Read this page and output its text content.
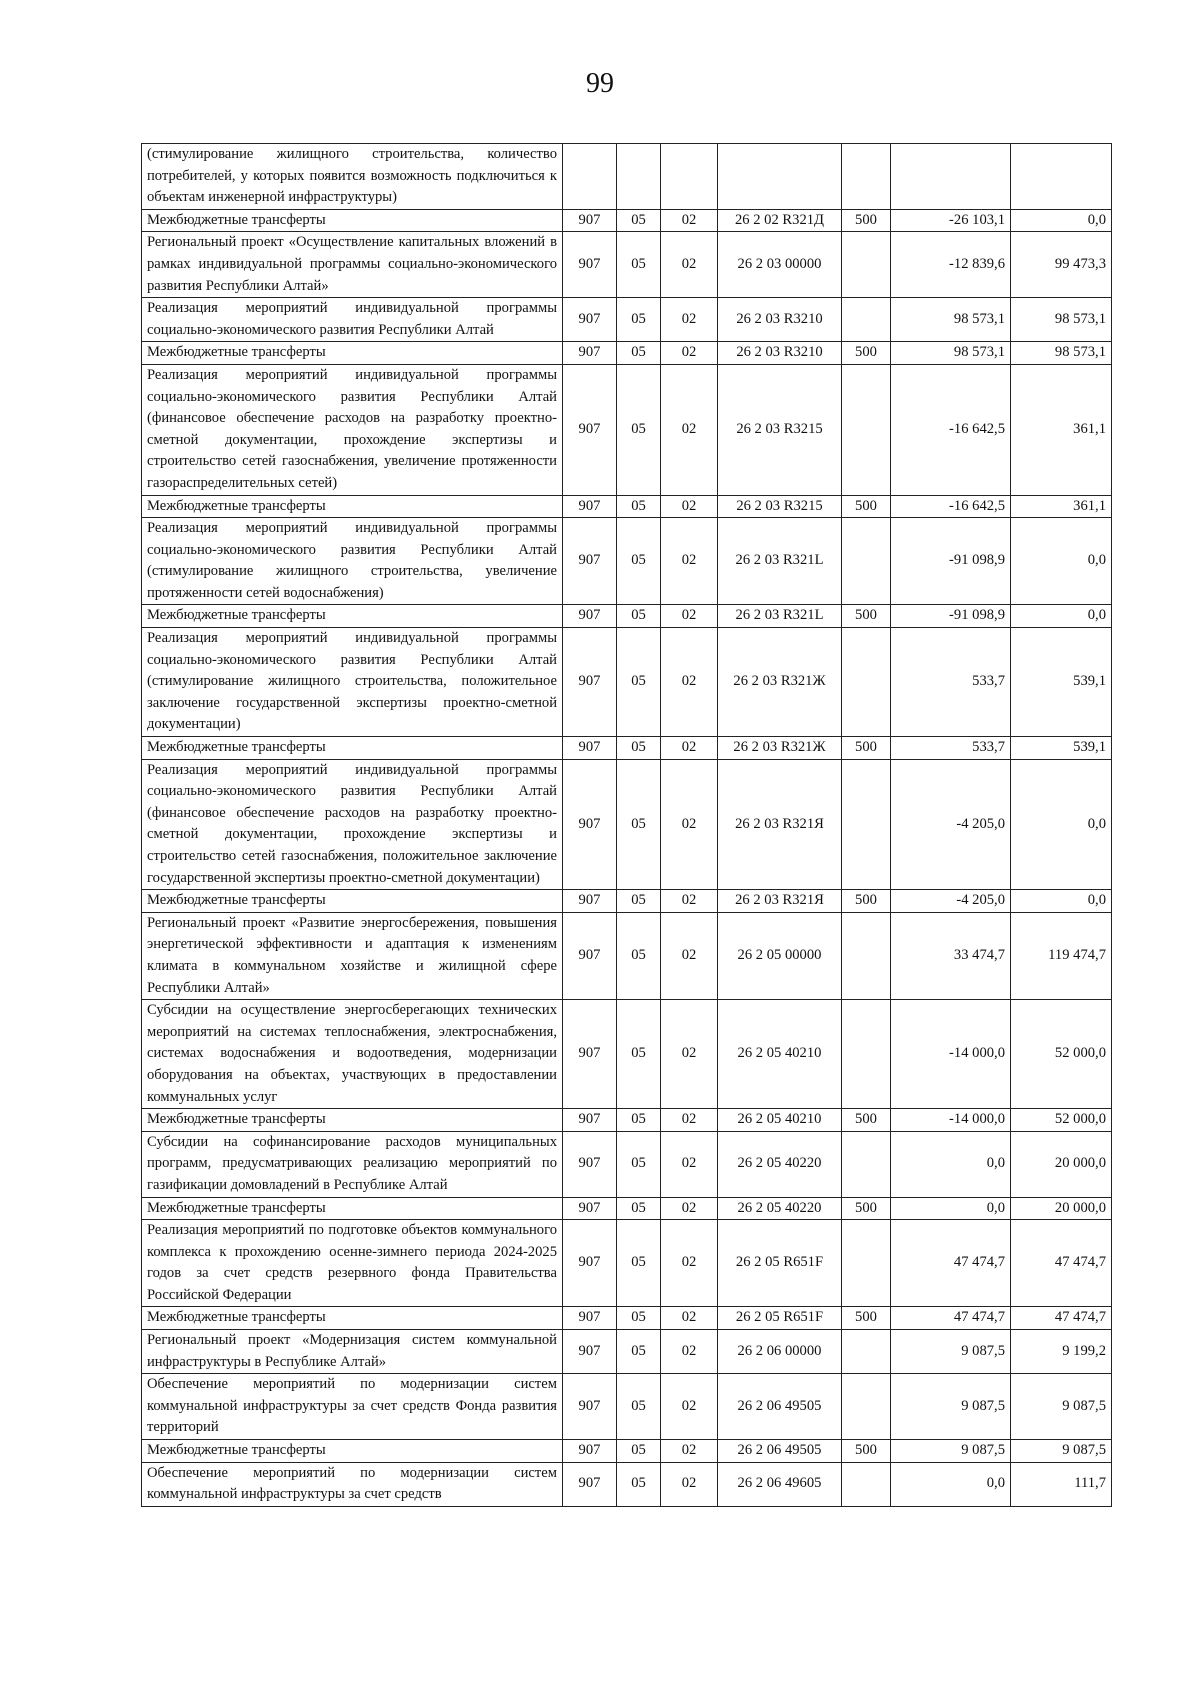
99
(стимулирование жилищного строительства, количество потребителей, у которых появится возможность подключиться к объектам инженерной инфраструктуры)							
Межбюджетные трансферты	907	05	02	26 2 02 R321Д	500	-26 103,1	0,0
Региональный проект «Осуществление капитальных вложений в рамках индивидуальной программы социально-экономического развития Республики Алтай»	907	05	02	26 2 03 00000		-12 839,6	99 473,3
Реализация мероприятий индивидуальной программы социально-экономического развития Республики Алтай	907	05	02	26 2 03 R3210		98 573,1	98 573,1
Межбюджетные трансферты	907	05	02	26 2 03 R3210	500	98 573,1	98 573,1
Реализация мероприятий индивидуальной программы социально-экономического развития Республики Алтай (финансовое обеспечение расходов на разработку проектно-сметной документации, прохождение экспертизы и строительство сетей газоснабжения, увеличение протяженности газораспределительных сетей)	907	05	02	26 2 03 R3215		-16 642,5	361,1
Межбюджетные трансферты	907	05	02	26 2 03 R3215	500	-16 642,5	361,1
Реализация мероприятий индивидуальной программы социально-экономического развития Республики Алтай (стимулирование жилищного строительства, увеличение протяженности сетей водоснабжения)	907	05	02	26 2 03 R321L		-91 098,9	0,0
Межбюджетные трансферты	907	05	02	26 2 03 R321L	500	-91 098,9	0,0
Реализация мероприятий индивидуальной программы социально-экономического развития Республики Алтай (стимулирование жилищного строительства, положительное заключение государственной экспертизы проектно-сметной документации)	907	05	02	26 2 03 R321Ж		533,7	539,1
Межбюджетные трансферты	907	05	02	26 2 03 R321Ж	500	533,7	539,1
Реализация мероприятий индивидуальной программы социально-экономического развития Республики Алтай (финансовое обеспечение расходов на разработку проектно-сметной документации, прохождение экспертизы и строительство сетей газоснабжения, положительное заключение государственной экспертизы проектно-сметной документации)	907	05	02	26 2 03 R321Я		-4 205,0	0,0
Межбюджетные трансферты	907	05	02	26 2 03 R321Я	500	-4 205,0	0,0
Региональный проект «Развитие энергосбережения, повышения энергетической эффективности и адаптация к изменениям климата в коммунальном хозяйстве и жилищной сфере Республики Алтай»	907	05	02	26 2 05 00000		33 474,7	119 474,7
Субсидии на осуществление энергосберегающих технических мероприятий на системах теплоснабжения, электроснабжения, системах водоснабжения и водоотведения, модернизации оборудования на объектах, участвующих в предоставлении коммунальных услуг	907	05	02	26 2 05 40210		-14 000,0	52 000,0
Межбюджетные трансферты	907	05	02	26 2 05 40210	500	-14 000,0	52 000,0
Субсидии на софинансирование расходов муниципальных программ, предусматривающих реализацию мероприятий по газификации домовладений в Республике Алтай	907	05	02	26 2 05 40220		0,0	20 000,0
Межбюджетные трансферты	907	05	02	26 2 05 40220	500	0,0	20 000,0
Реализация мероприятий по подготовке объектов коммунального комплекса к прохождению осенне-зимнего периода 2024-2025 годов за счет средств резервного фонда Правительства Российской Федерации	907	05	02	26 2 05 R651F		47 474,7	47 474,7
Межбюджетные трансферты	907	05	02	26 2 05 R651F	500	47 474,7	47 474,7
Региональный проект «Модернизация систем коммунальной инфраструктуры в Республике Алтай»	907	05	02	26 2 06 00000		9 087,5	9 199,2
Обеспечение мероприятий по модернизации систем коммунальной инфраструктуры за счет средств Фонда развития территорий	907	05	02	26 2 06 49505		9 087,5	9 087,5
Межбюджетные трансферты	907	05	02	26 2 06 49505	500	9 087,5	9 087,5
Обеспечение мероприятий по модернизации систем коммунальной инфраструктуры за счет средств	907	05	02	26 2 06 49605		0,0	111,7
